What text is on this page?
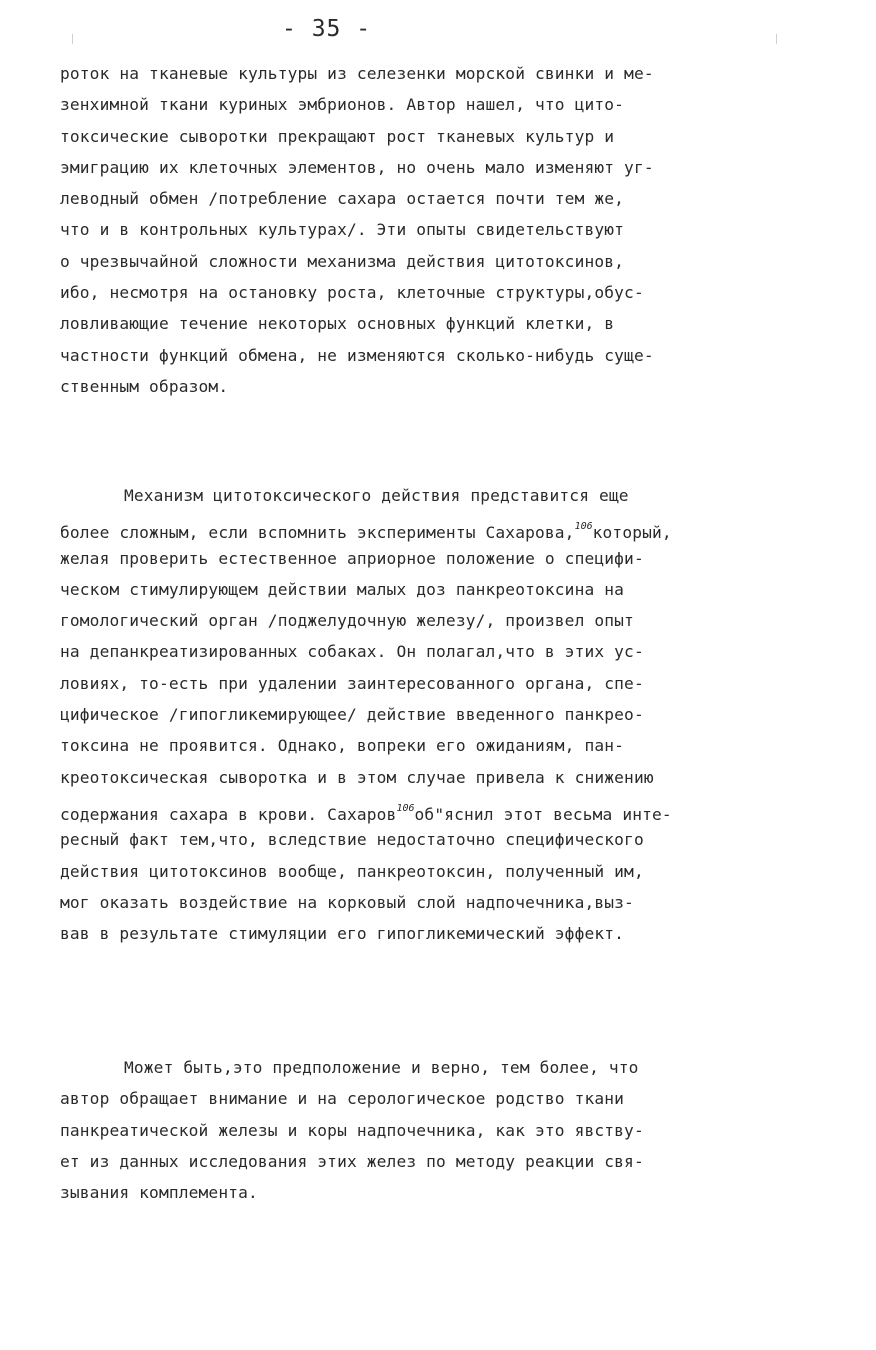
- 35 -
роток на тканевые культуры из селезенки морской свинки и ме-
зенхимной ткани куриных эмбрионов. Автор нашел, что цито-
токсические сыворотки прекращают рост тканевых культур и
эмиграцию их клеточных элементов, но очень мало изменяют уг-
леводный обмен /потребление сахара остается почти тем же,
что и в контрольных культурах/. Эти опыты свидетельствуют
о чрезвычайной сложности механизма действия цитотоксинов,
ибо, несмотря на остановку роста, клеточные структуры,обус-
ловливающие течение некоторых основных функций клетки, в
частности функций обмена, не изменяются сколько-нибудь суще-
ственным образом.
Механизм цитотоксического действия представится еще
более сложным, если вспомнить эксперименты Сахарова,$^{106}$который,
желая проверить естественное априорное положение о специфи-
ческом стимулирующем действии малых доз панкреотоксина на
гомологический орган /поджелудочную железу/, произвел опыт
на депанкреатизированных собаках. Он полагал,что в этих ус-
ловиях, то-есть при удалении заинтересованного органа, спе-
цифическое /гипогликемирующее/ действие введенного панкрео-
токсина не проявится. Однако, вопреки его ожиданиям, пан-
креотоксическая сыворотка и в этом случае привела к снижению
содержания сахара в крови. Сахаров$^{106}$об"яснил этот весьма инте-
ресный факт тем,что, вследствие недостаточно специфического
действия цитотоксинов вообще, панкреотоксин, полученный им,
мог оказать воздействие на корковый слой надпочечника,выз-
вав в результате стимуляции его гипогликемический эффект.
Может быть,это предположение и верно, тем более, что
автор обращает внимание и на серологическое родство ткани
панкреатической железы и коры надпочечника, как это явству-
ет из данных исследования этих желез по методу реакции свя-
зывания комплемента.
